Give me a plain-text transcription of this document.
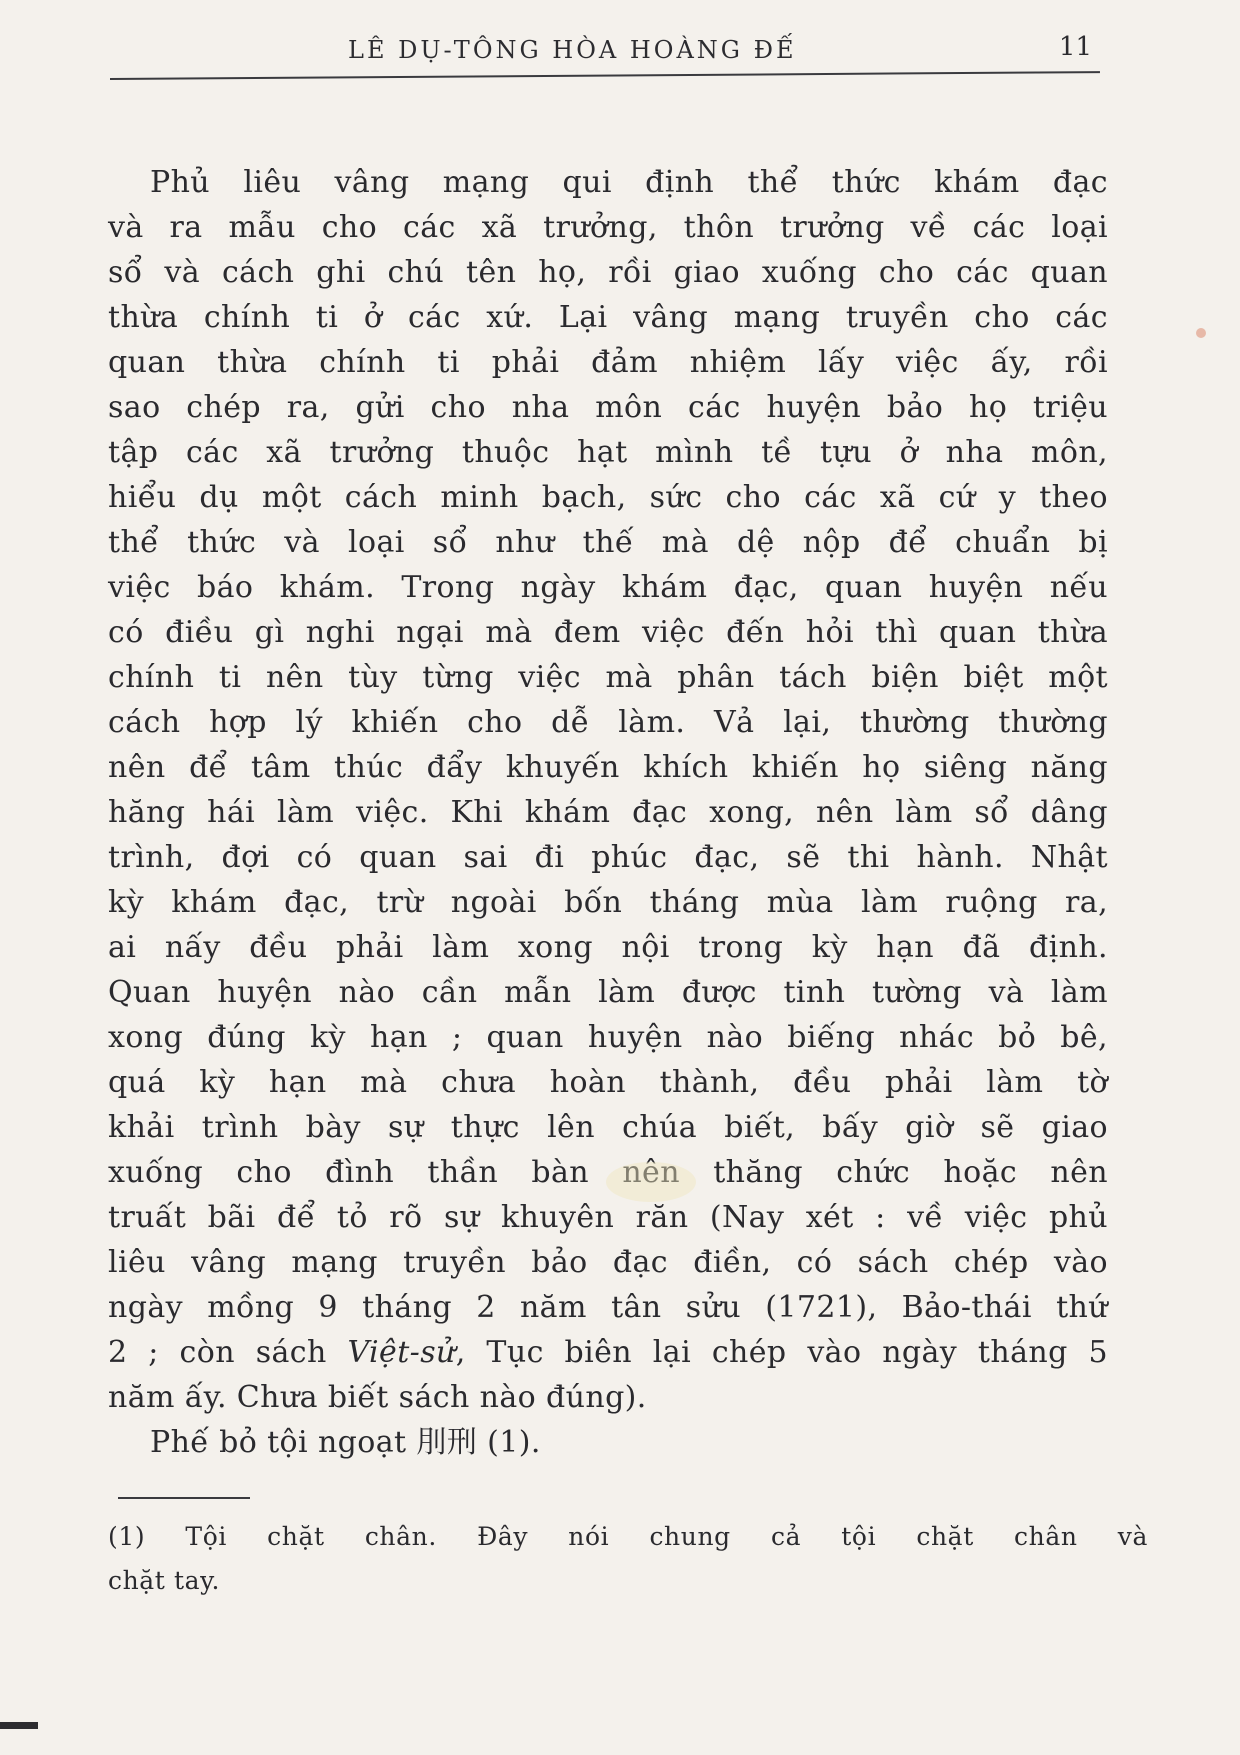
LÊ DỤ-TÔNG HÒA HOÀNG ĐẾ	11
Phủ liêu vâng mạng qui định thể thức khám đạc
và ra mẫu cho các xã trưởng, thôn trưởng về các loại
sổ và cách ghi chú tên họ, rồi giao xuống cho các quan
thừa chính ti ở các xứ. Lại vâng mạng truyền cho các
quan thừa chính ti phải đảm nhiệm lấy việc ấy, rồi
sao chép ra, gửi cho nha môn các huyện bảo họ triệu
tập các xã trưởng thuộc hạt mình tề tựu ở nha môn,
hiểu dụ một cách minh bạch, sức cho các xã cứ y theo
thể thức và loại sổ như thế mà dệ nộp để chuẩn bị
việc báo khám. Trong ngày khám đạc, quan huyện nếu
có điều gì nghi ngại mà đem việc đến hỏi thì quan thừa
chính ti nên tùy từng việc mà phân tách biện biệt một
cách hợp lý khiến cho dễ làm. Vả lại, thường thường
nên để tâm thúc đẩy khuyến khích khiến họ siêng năng
hăng hái làm việc. Khi khám đạc xong, nên làm sổ dâng
trình, đợi có quan sai đi phúc đạc, sẽ thi hành. Nhật
kỳ khám đạc, trừ ngoài bốn tháng mùa làm ruộng ra,
ai nấy đều phải làm xong nội trong kỳ hạn đã định.
Quan huyện nào cần mẫn làm được tinh tường và làm
xong đúng kỳ hạn ; quan huyện nào biếng nhác bỏ bê,
quá kỳ hạn mà chưa hoàn thành, đều phải làm tờ
khải trình bày sự thực lên chúa biết, bấy giờ sẽ giao
xuống cho đình thần bàn nên thăng chức hoặc nên
truất bãi để tỏ rõ sự khuyên răn (Nay xét : về việc phủ
liêu vâng mạng truyền bảo đạc điền, có sách chép vào
ngày mồng 9 tháng 2 năm tân sửu (1721), Bảo-thái thứ
2 ; còn sách Việt-sử, Tục biên lại chép vào ngày tháng 5
năm ấy. Chưa biết sách nào đúng).
Phế bỏ tội ngoạt 刖刑 (1).
(1) Tội chặt chân. Đây nói chung cả tội chặt chân và
chặt tay.
